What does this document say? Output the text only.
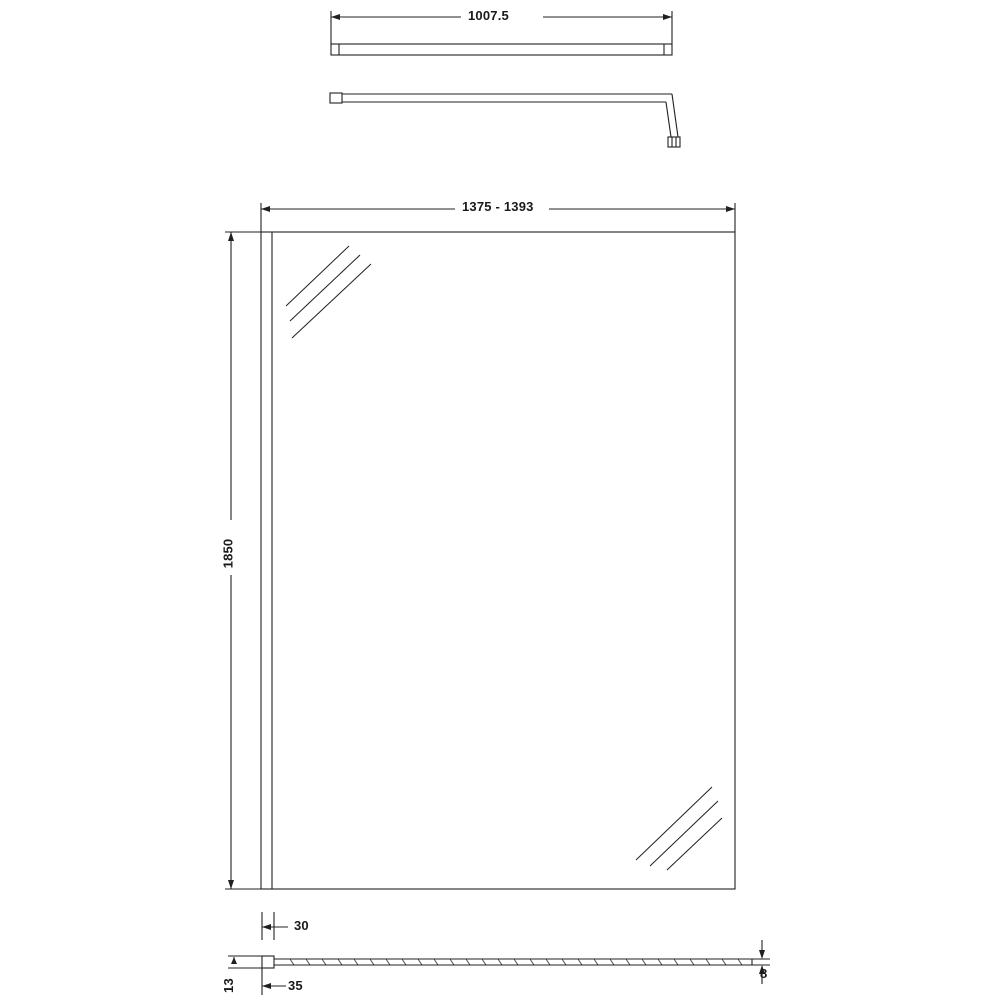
1007.5
1375 - 1393
1850
30
35
13
8
